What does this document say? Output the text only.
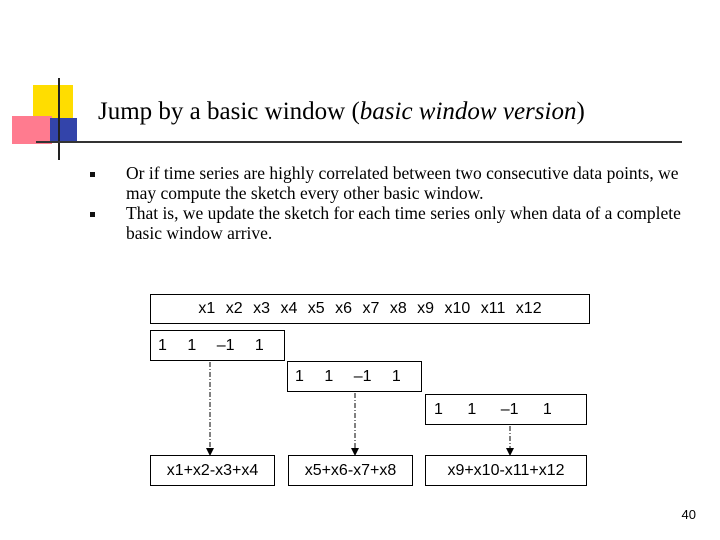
Jump by a basic window (basic window version)

Or if time series are highly correlated between two consecutive data points, we may compute the sketch every other basic window.

That is, we update the sketch for each time series only when data of a complete basic window arrive.

x1 x2 x3 x4 x5 x6 x7 x8 x9 x10 x11 x12
1 1 –1 1
1 1 –1 1
1 1 –1 1
x1+x2-x3+x4	x5+x6-x7+x8	x9+x10-x11+x12
40
